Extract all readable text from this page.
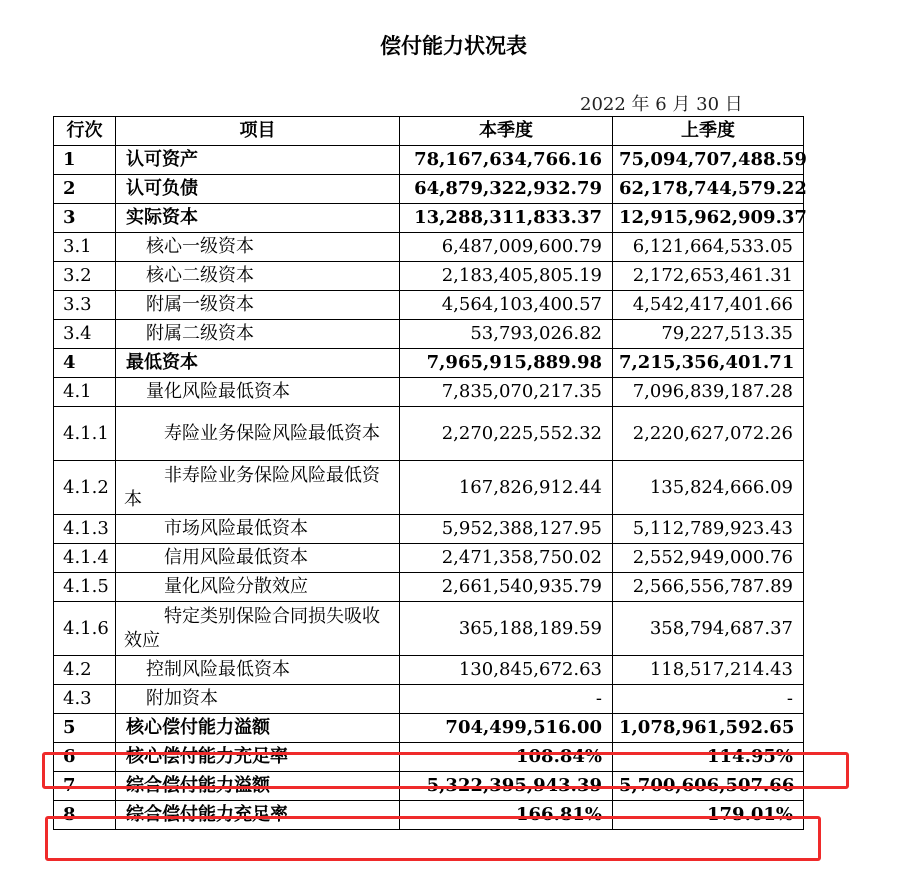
偿付能力状况表
2022 年 6 月 30 日
行次	项目	本季度	上季度
1	认可资产	78,167,634,766.16	75,094,707,488.59
2	认可负债	64,879,322,932.79	62,178,744,579.22
3	实际资本	13,288,311,833.37	12,915,962,909.37
3.1	核心一级资本	6,487,009,600.79	6,121,664,533.05
3.2	核心二级资本	2,183,405,805.19	2,172,653,461.31
3.3	附属一级资本	4,564,103,400.57	4,542,417,401.66
3.4	附属二级资本	53,793,026.82	79,227,513.35
4	最低资本	7,965,915,889.98	7,215,356,401.71
4.1	量化风险最低资本	7,835,070,217.35	7,096,839,187.28
4.1.1	寿险业务保险风险最低资本	2,270,225,552.32	2,220,627,072.26
4.1.2	非寿险业务保险风险最低资本	167,826,912.44	135,824,666.09
4.1.3	市场风险最低资本	5,952,388,127.95	5,112,789,923.43
4.1.4	信用风险最低资本	2,471,358,750.02	2,552,949,000.76
4.1.5	量化风险分散效应	2,661,540,935.79	2,566,556,787.89
4.1.6	特定类别保险合同损失吸收效应	365,188,189.59	358,794,687.37
4.2	控制风险最低资本	130,845,672.63	118,517,214.43
4.3	附加资本	-	-
5	核心偿付能力溢额	704,499,516.00	1,078,961,592.65
6	核心偿付能力充足率	108.84%	114.95%
7	综合偿付能力溢额	5,322,395,943.39	5,700,606,507.66
8	综合偿付能力充足率	166.81%	179.01%
